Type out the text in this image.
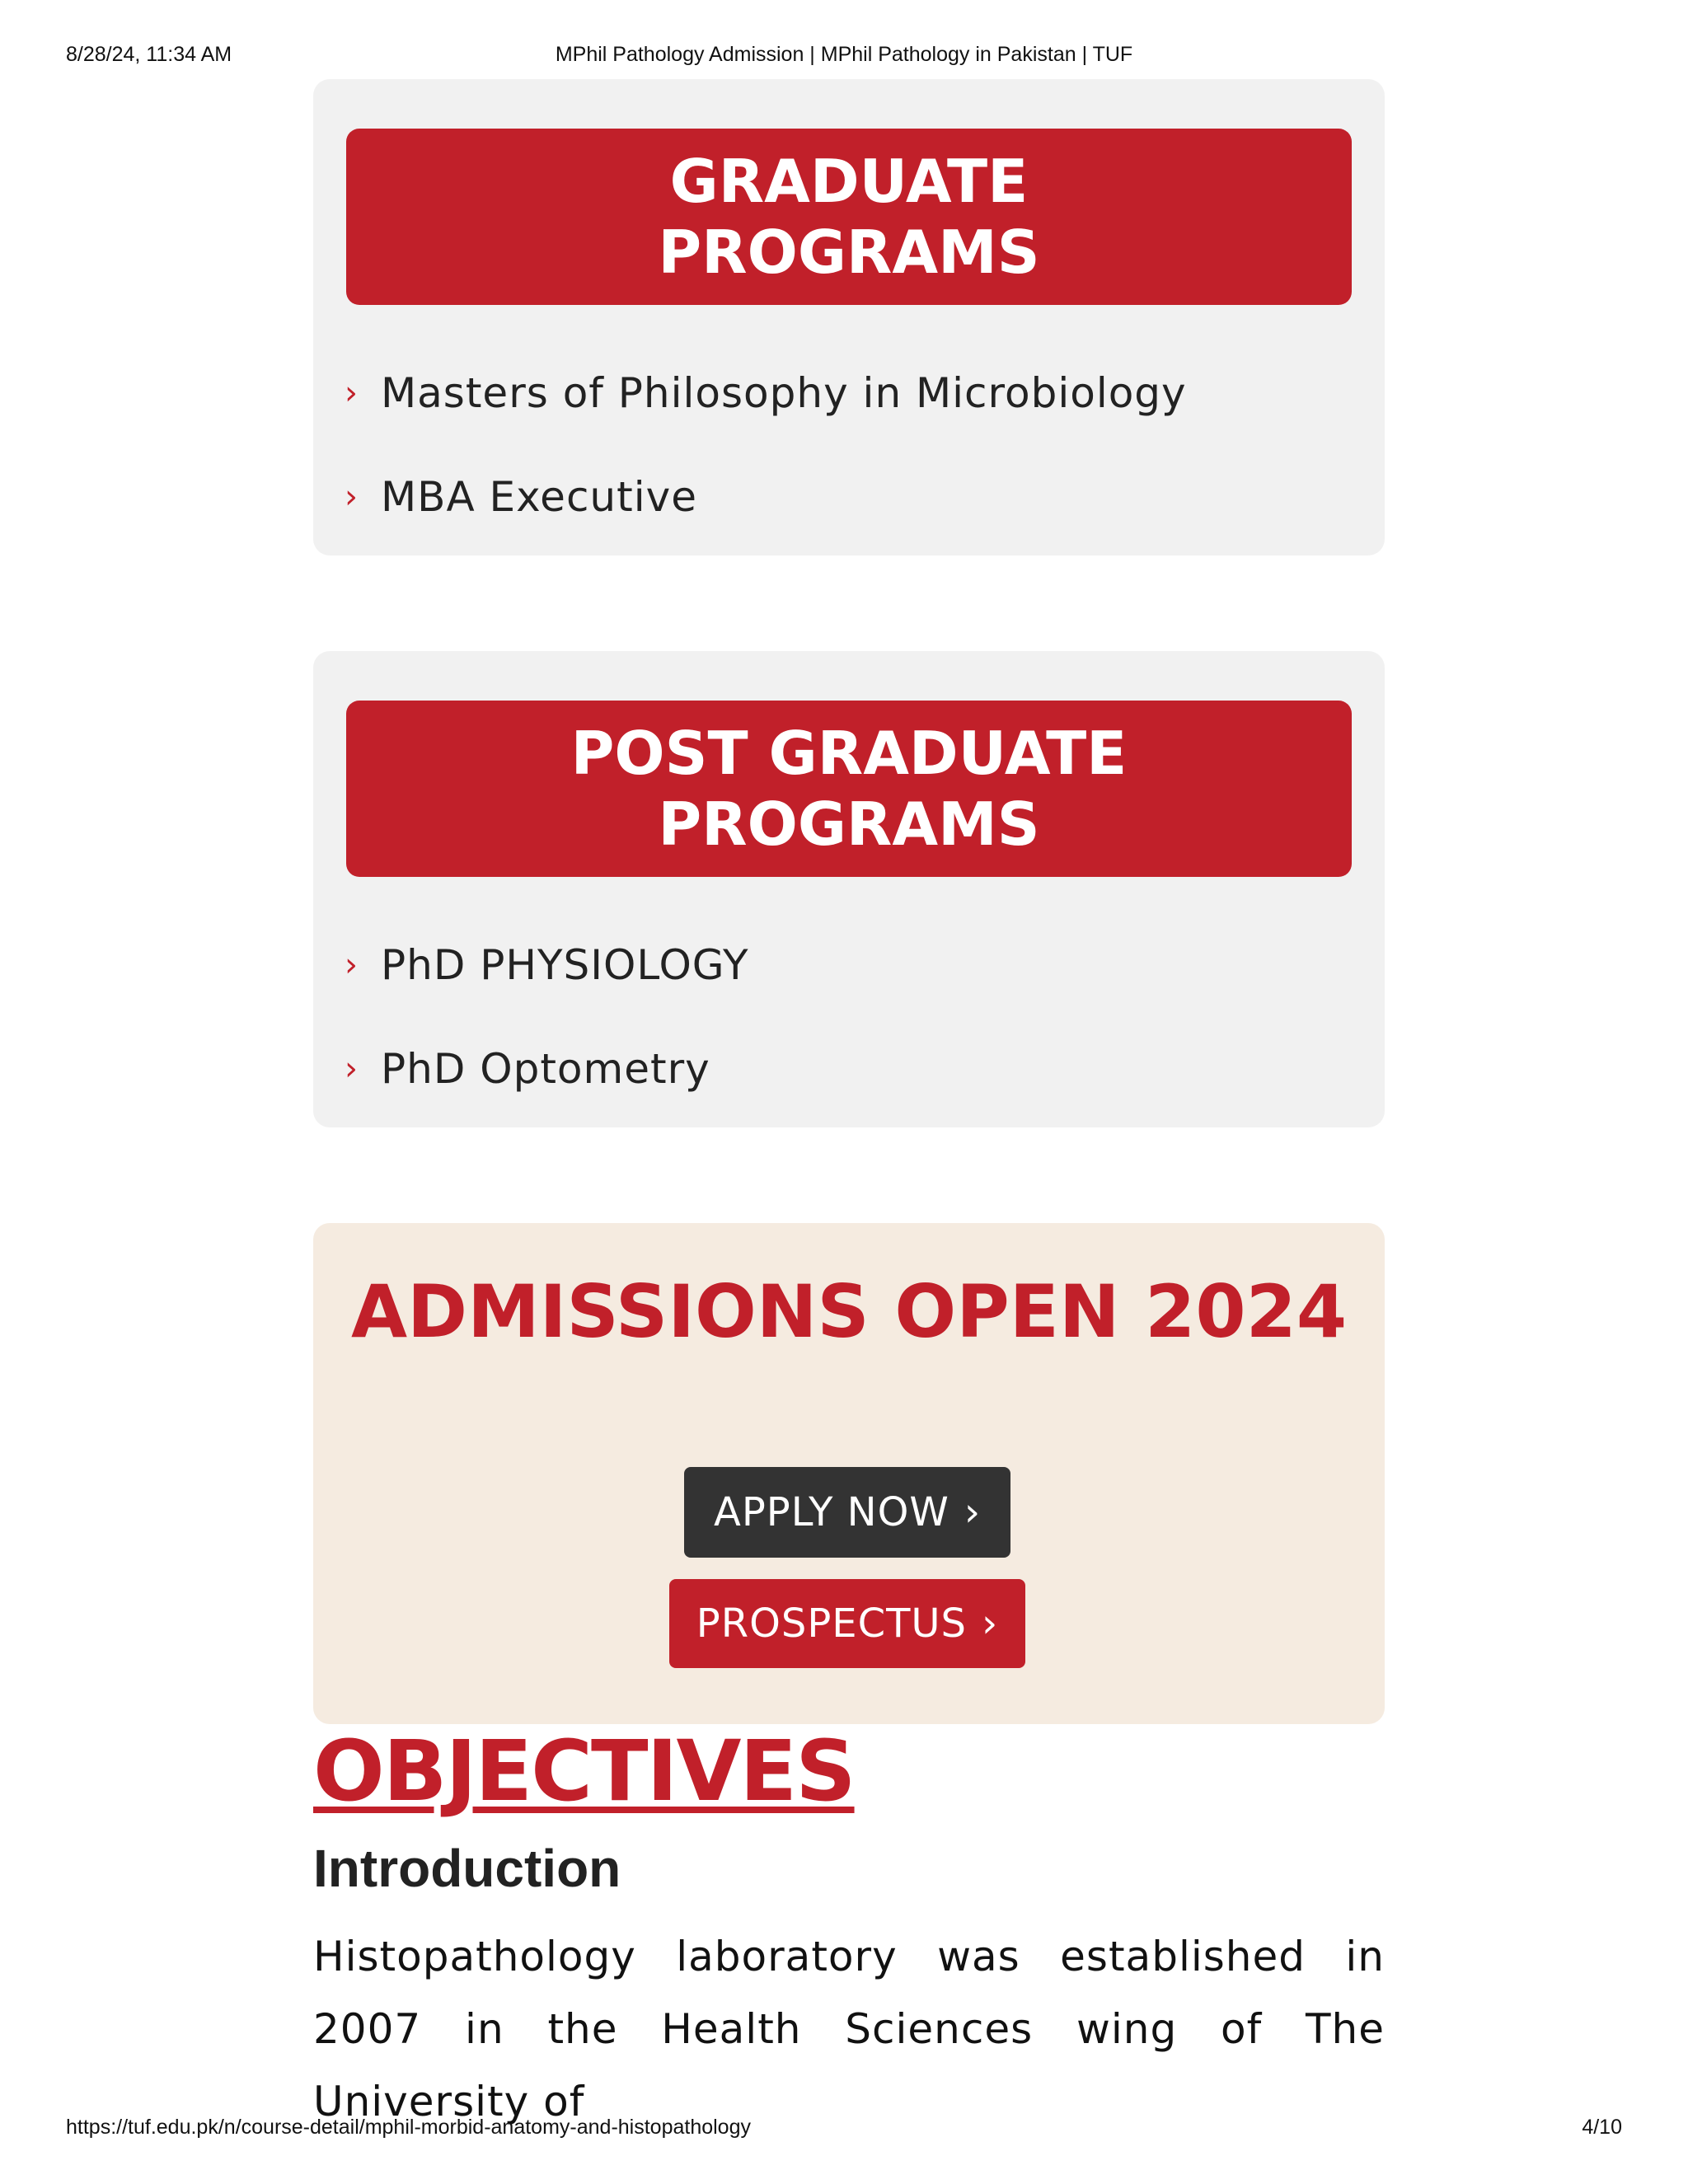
8/28/24, 11:34 AM	MPhil Pathology Admission | MPhil Pathology in Pakistan | TUF
GRADUATE PROGRAMS
› Masters of Philosophy in Microbiology
› MBA Executive
POST GRADUATE PROGRAMS
› PhD PHYSIOLOGY
› PhD Optometry
ADMISSIONS OPEN 2024
APPLY NOW ›
PROSPECTUS ›
OBJECTIVES
Introduction

Histopathology laboratory was established in 2007 in the Health Sciences wing of The University of

https://tuf.edu.pk/n/course-detail/mphil-morbid-anatomy-and-histopathology	4/10
